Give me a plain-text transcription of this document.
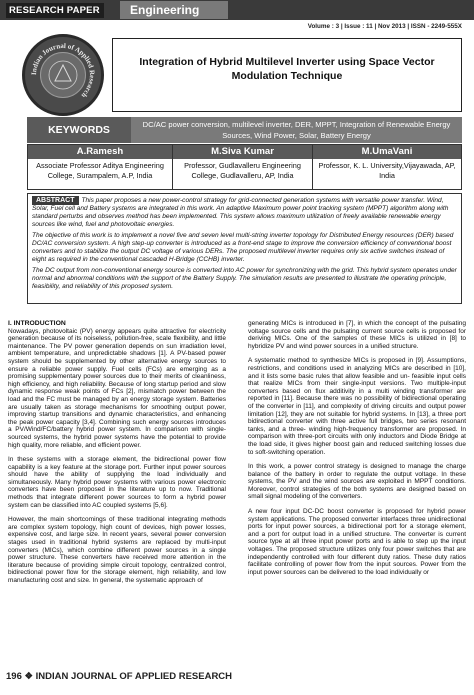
RESEARCH PAPER	Engineering
Volume : 3 | Issue : 11 | Nov 2013 | ISSN - 2249-555X
Indian Journal of Applied Research
Integration of Hybrid Multilevel Inverter using Space Vector Modulation Technique
KEYWORDS	DC/AC power conversion, multilevel inverter, DER, MPPT, Integration of Renewable Energy Sources, Wind Power, Solar, Battery Energy
A.Ramesh
Associate Professor Aditya Engineering College, Surampalem, A.P, India
M.Siva Kumar
Professor, Gudlavalleru Engineering College, Gudlavalleru, AP, India
M.UmaVani
Professor, K. L. University,Vijayawada, AP, India

ABSTRACT This paper proposes a new power-control strategy for grid-connected generation systems with versatile power transfer. Wind, Solar, Fuel cell and Battery systems are integrated in this work. An adaptive Maximum power point tracking system (MPPT) algorithm along with standard perturbs and observes method has been implemented. This system allows maximum utilization of freely available renewable energy sources like wind, fuel and photovoltaic energies.

The objective of this work is to implement a novel five and seven level multi-string inverter topology for Distributed Energy resources (DER) based DC/AC conversion system. A high step-up converter is introduced as a front-end stage to improve the conversion efficiency of conventional boost converters and to stabilize the output DC voltage of various DERs. The proposed multilevel inverter requires only six active switches instead of eight as required in the conventional cascaded H-Bridge (CCHB) inverter.

The DC output from non-conventional energy source is converted into AC power for synchronizing with the grid. This hybrid system operates under normal and abnormal conditions with the support of the Battery Supply. The simulation results are presented to illustrate the operating principle, feasibility, and reliability of this proposed system.

I. INTRODUCTION

Nowadays, photovoltaic (PV) energy appears quite attractive for electricity generation because of its noiseless, pollution-free, scale flexibility, and little maintenance. The PV power generation depends on sun irradiation level, ambient temperature, and unpredictable shadows [1]. A PV-based power system should be supplemented by other alternative energy sources to ensure a reliable power supply. Fuel cells (FCs) are emerging as a promising supplementary power sources due to their merits of cleanliness, high efficiency, and high reliability. Because of long startup period and slow dynamic response weak points of FCs [2], mismatch power between the load and the FC must be managed by an energy storage system. Batteries are usually taken as storage mechanisms for smoothing output power, improving startup transitions and dynamic characteristics, and enhancing the peak power capacity [3,4]. Combining such energy sources introduces a PV/Wind/FC/battery hybrid power system. In comparison with single-sourced systems, the hybrid power systems have the potential to provide high quality, more reliable, and efficient power.

In these systems with a storage element, the bidirectional power flow capability is a key feature at the storage port. Further input power sources should have the ability of supplying the load individually and simultaneously. Many hybrid power systems with various power electronic converters have been proposed in the literature up to now. Traditional methods that integrate different power sources to form a hybrid power system can be classified into AC coupled systems [5,6].

However, the main shortcomings of these traditional integrating methods are complex system topology, high count of devices, high power losses, expensive cost, and large size. In recent years, several power conversion stages used in traditional hybrid systems are replaced by multi-input converters (MICs), which combine different power sources in a single power structure. These converters have received more attention in the literature because of providing simple circuit topology, centralized control, bidirectional power flow for the storage element, high reliability, and low manufacturing cost and size. In general, the systematic approach of

generating MICs is introduced in [7], in which the concept of the pulsating voltage source cells and the pulsating current source cells is proposed for deriving MICs. One of the samples of these MICs is utilized in [8] to hybridize PV and wind power sources in a unified structure.

A systematic method to synthesize MICs is proposed in [9]. Assumptions, restrictions, and conditions used in analyzing MICs are described in [10], and it lists some basic rules that allow feasible and un- feasible input cells that realize MICs from their single-input versions. Two multiple-input converters based on flux additivity in a multi winding transformer are reported in [11]. Because there was no possibility of bidirectional operating of the converter in [11], and complexity of driving circuits and output power limitation [12], they are not suitable for hybrid systems. In [13], a three port bidirectional converter with three active full bridges, two series resonant tanks, and a three- winding high-frequency transformer are proposed. In comparison with three-port circuits with only inductors and Diode Bridge at the load side, it gives higher boost gain and reduced switching losses due to soft-switching operation.

In this work, a power control strategy is designed to manage the charge balance of the battery in order to regulate the output voltage. In these systems, the PV and the wind sources are exploited in MPPT conditions. Moreover, control strategies of the both systems are designed based on small signal modeling of the converters.

A new four input DC-DC boost converter is proposed for hybrid power system applications. The proposed converter interfaces three unidirectional ports for input power sources, a bidirectional port for a storage element, and a port for output load in a unified structure. The converter is current source type at all three input power ports and is able to step up the input voltages. The proposed structure utilizes only four power switches that are independently controlled with four different duty ratios. These duty ratios facilitate controlling of power flow from the input sources. Power from the input power sources can be delivered to the load individually or

196 ❖ INDIAN JOURNAL OF APPLIED RESEARCH
